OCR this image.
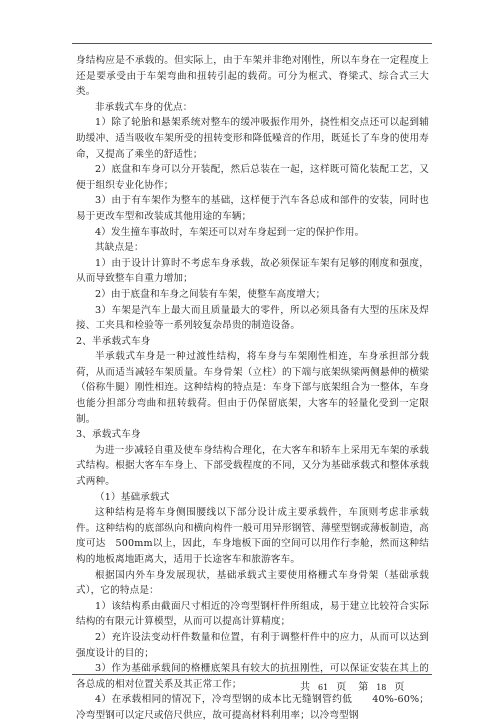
身结构应是不承载的。但实际上，由于车架并非绝对刚性，所以车身在一定程度上还是要承受由于车架弯曲和扭转引起的载荷。可分为框式、脊梁式、综合式三大类。

非承载式车身的优点：

1）除了轮胎和悬架系统对整车的缓冲吸振作用外，挠性相交点还可以起到辅助缓冲、适当吸收车架所受的扭转变形和降低噪音的作用，既延长了车身的使用寿命，又提高了乘坐的舒适性；

2）底盘和车身可以分开装配，然后总装在一起，这样既可简化装配工艺，又便于组织专业化协作；

3）由于有车架作为整车的基础，这样便于汽车各总成和部件的安装，同时也易于更改车型和改装成其他用途的车辆；

4）发生撞车事故时，车架还可以对车身起到一定的保护作用。

其缺点是：

1）由于设计计算时不考虑车身承载，故必须保证车架有足够的刚度和强度，从而导致整车自重力增加；

2）由于底盘和车身之间装有车架，使整车高度增大；

3）车架是汽车上最大而且质量最大的零件，所以必须具备有大型的压床及焊接、工夹具和检验等一系列较复杂昂贵的制造设备。

2、半承载式车身

半承载式车身是一种过渡性结构，将车身与车架刚性相连，车身承担部分载荷，从而适当减轻车架质量。车身骨架（立柱）的下端与底架纵梁两侧悬伸的横梁（俗称牛腿）刚性相连。这种结构的特点是：车身下部与底架组合为一整体，车身也能分担部分弯曲和扭转载荷。但由于仍保留底架，大客车的轻量化受到一定限制。

3、承载式车身

为进一步减轻自重及使车身结构合理化，在大客车和轿车上采用无车架的承载式结构。根据大客车车身上、下部受载程度的不同，又分为基础承载式和整体承载式两种。

（1）基础承载式

这种结构是将车身侧围腰线以下部分设计成主要承载件，车顶则考虑非承载件。这种结构的底部纵向和横向构件一般可用异形钢管、薄壁型钢或薄板制造，高度可达　500mm以上，因此，车身地板下面的空间可以用作行李舱，然而这种结构的地板离地距离大，适用于长途客车和旅游客车。

根据国内外车身发展现状，基础承载式主要使用格栅式车身骨架（基础承载式），它的特点是：

1）该结构系由截面尺寸相近的冷弯型钢杆件所组成，易于建立比较符合实际结构的有限元计算模型，从而可以提高计算精度；

2）充许设法变动杆件数量和位置，有利于调整杆件中的应力，从而可以达到强度设计的目的；

3）作为基础承载间的格栅底架具有较大的抗扭刚性，可以保证安装在其上的各总成的相对位置关系及其正常工作；

4）在承载相同的情况下，冷弯型钢的成本比无缝钢管约低　　40%-60%；冷弯型钢可以定尺或倍尺供应，故可提高材料利用率；以冷弯型钢

共 61 页 第 18 页
